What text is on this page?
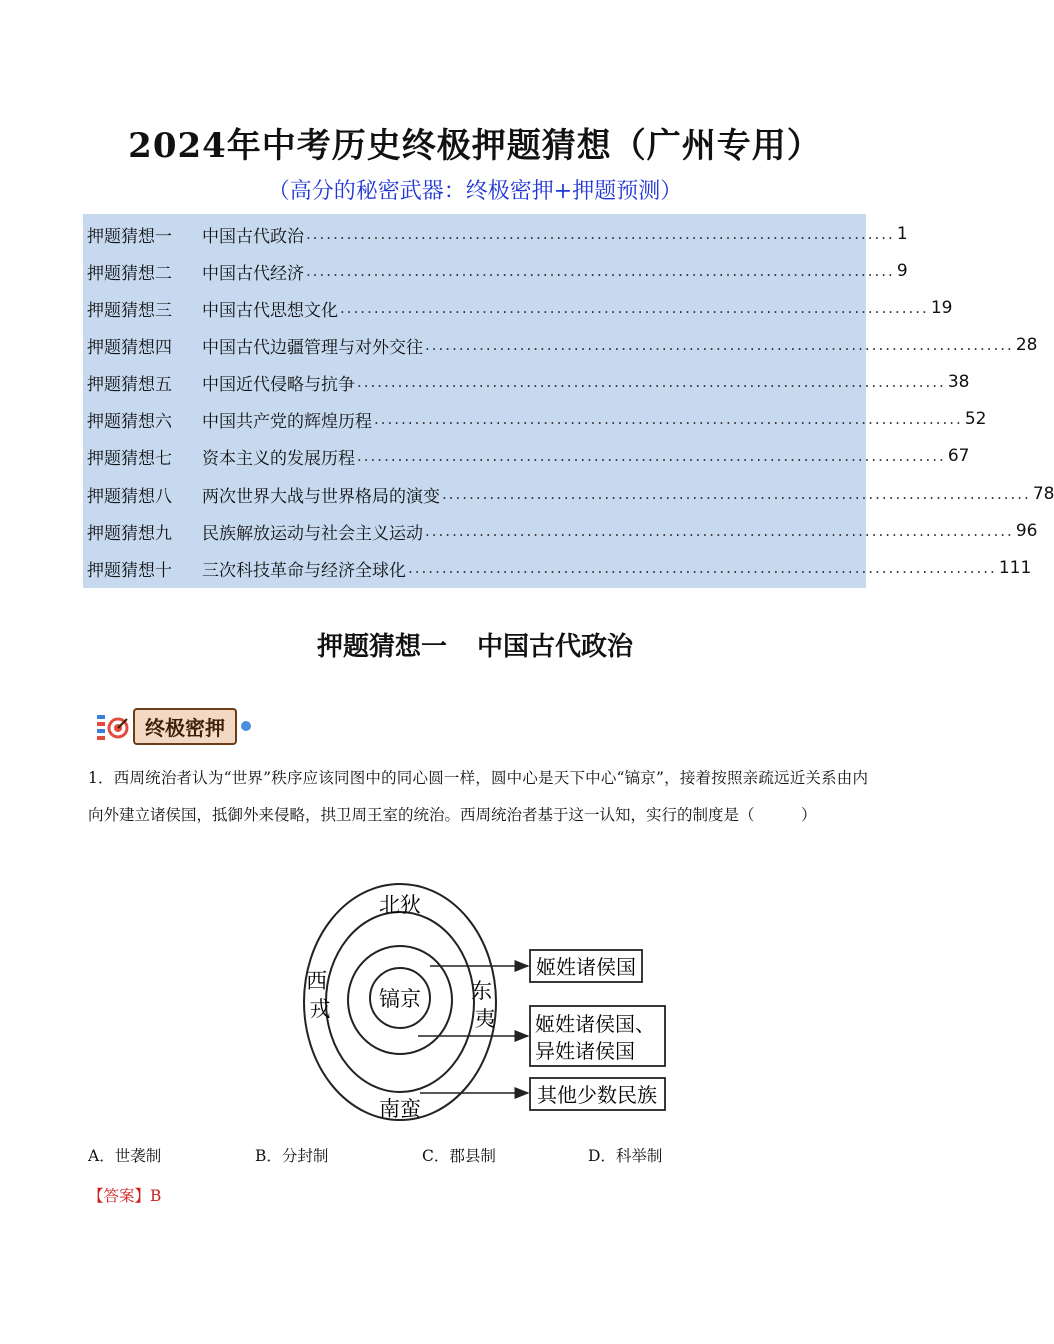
2024年中考历史终极押题猜想（广州专用）
（高分的秘密武器：终极密押+押题预测）
押题猜想一	中国古代政治 ....................................................................................... 1
押题猜想二	中国古代经济 ....................................................................................... 9
押题猜想三	中国古代思想文化 ....................................................................................... 19
押题猜想四	中国古代边疆管理与对外交往 ....................................................................................... 28
押题猜想五	中国近代侵略与抗争 ....................................................................................... 38
押题猜想六	中国共产党的辉煌历程 ....................................................................................... 52
押题猜想七	资本主义的发展历程 ....................................................................................... 67
押题猜想八	两次世界大战与世界格局的演变 ....................................................................................... 78
押题猜想九	民族解放运动与社会主义运动 ....................................................................................... 96
押题猜想十	三次科技革命与经济全球化 ....................................................................................... 111
押题猜想一 中国古代政治
终极密押
1．西周统治者认为“世界”秩序应该同图中的同心圆一样，圆中心是天下中心“镐京”，接着按照亲疏远近关系由内向外建立诸侯国，抵御外来侵略，拱卫周王室的统治。西周统治者基于这一认知，实行的制度是（　　　）
镐京
北狄
南蛮
西 戎
东 夷
姬姓诸侯国
姬姓诸侯国、
异姓诸侯国
其他少数民族
A．世袭制	B．分封制	C．郡县制	D．科举制
【答案】B
